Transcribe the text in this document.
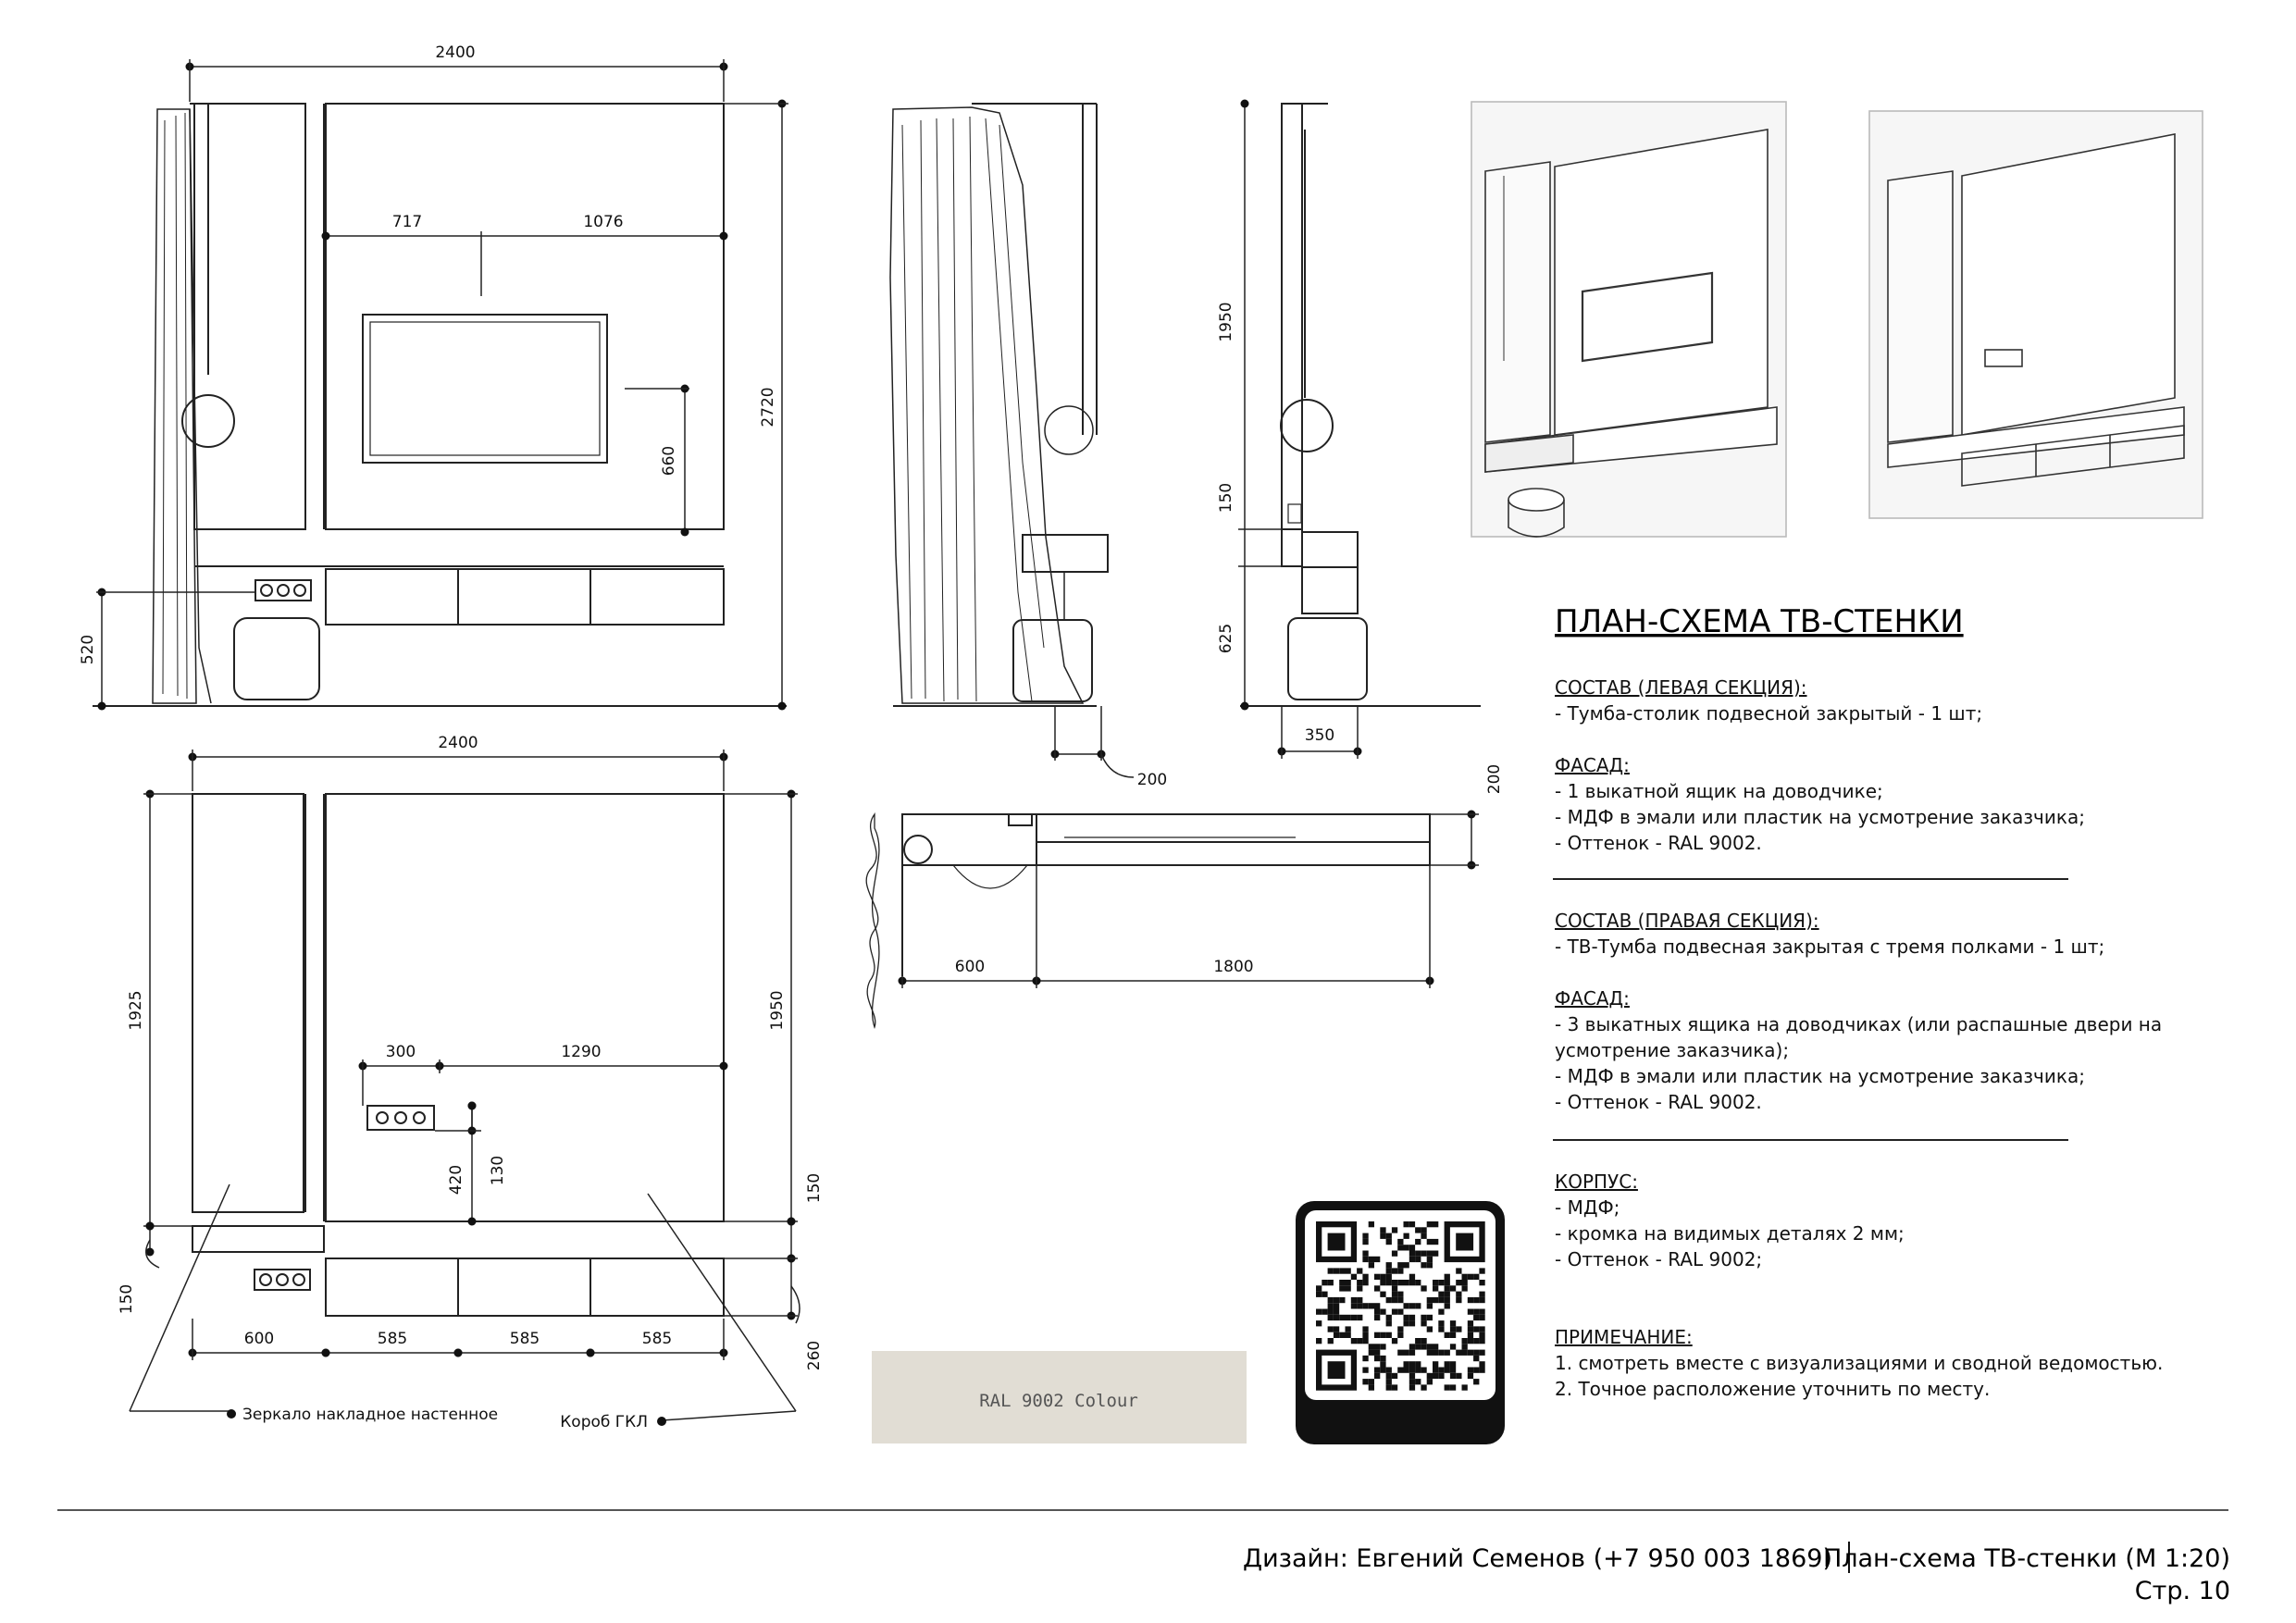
2400
717	1076
2720
660
520
200
1950
150
625
350
600	1800
200
2400
1925	1950
300	1290
420 130
150
150
260
600	585	585	585
Зеркало накладное настенное	Короб ГКЛ
RAL 9002 Colour
ПЛАН-СХЕМА ТВ-СТЕНКИ
СОСТАВ (ЛЕВАЯ СЕКЦИЯ):
- Тумба-столик подвесной закрытый - 1 шт;
ФАСАД:
- 1 выкатной ящик на доводчике;
- МДФ в эмали или пластик на усмотрение заказчика;
- Оттенок - RAL 9002.
СОСТАВ (ПРАВАЯ СЕКЦИЯ):
- ТВ-Тумба подвесная закрытая с тремя полками - 1 шт;
ФАСАД:
- 3 выкатных ящика на доводчиках (или распашные двери на
усмотрение заказчика);
- МДФ в эмали или пластик на усмотрение заказчика;
- Оттенок - RAL 9002.
КОРПУС:
- МДФ;
- кромка на видимых деталях 2 мм;
- Оттенок - RAL 9002;
ПРИМЕЧАНИЕ:
1. смотреть вместе с визуализациями и сводной ведомостью.
2. Точное расположение уточнить по месту.
Дизайн: Евгений Семенов (+7 950 003 1869)
План-схема ТВ-стенки (М 1:20)
Стр. 10
